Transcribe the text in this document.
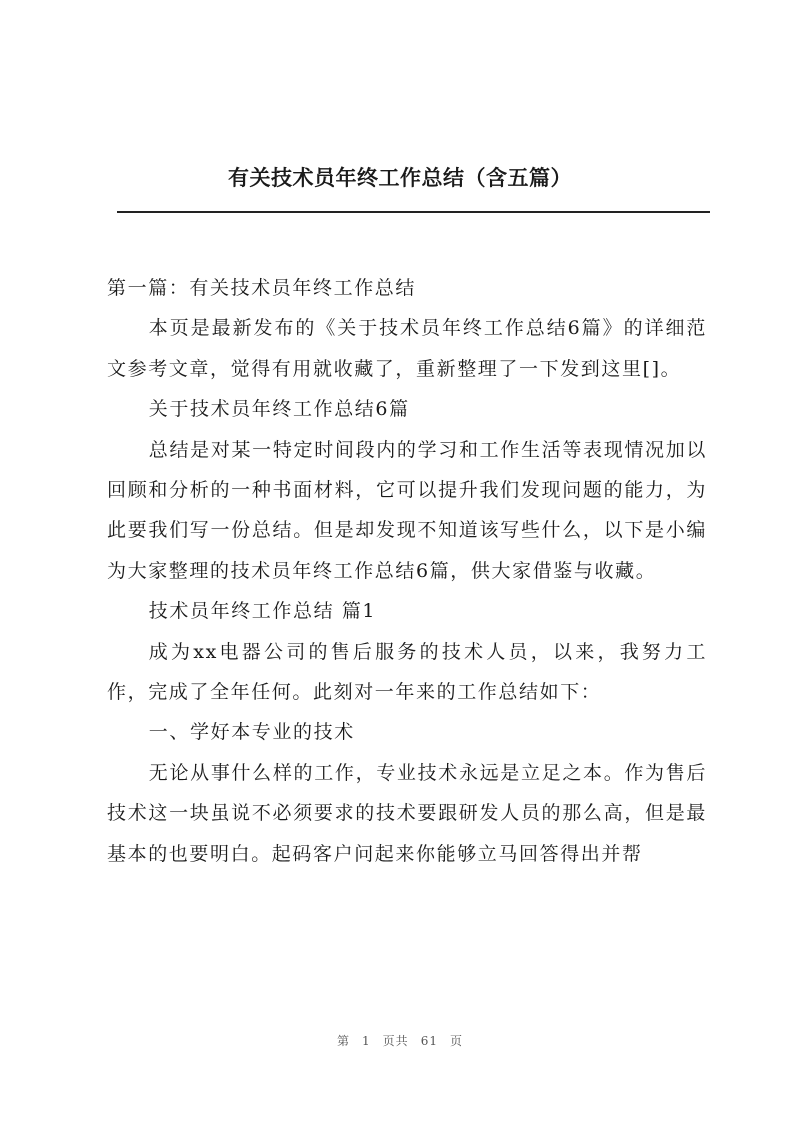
有关技术员年终工作总结（含五篇）

第一篇：有关技术员年终工作总结

本页是最新发布的《关于技术员年终工作总结6篇》的详细范文参考文章，觉得有用就收藏了，重新整理了一下发到这里[]。

关于技术员年终工作总结6篇

总结是对某一特定时间段内的学习和工作生活等表现情况加以回顾和分析的一种书面材料，它可以提升我们发现问题的能力，为此要我们写一份总结。但是却发现不知道该写些什么，以下是小编为大家整理的技术员年终工作总结6篇，供大家借鉴与收藏。

技术员年终工作总结 篇1

成为xx电器公司的售后服务的技术人员，以来，我努力工作，完成了全年任何。此刻对一年来的工作总结如下：

一、学好本专业的技术

无论从事什么样的工作，专业技术永远是立足之本。作为售后技术这一块虽说不必须要求的技术要跟研发人员的那么高，但是最基本的也要明白。起码客户问起来你能够立马回答得出并帮

第 1 页共 61 页
